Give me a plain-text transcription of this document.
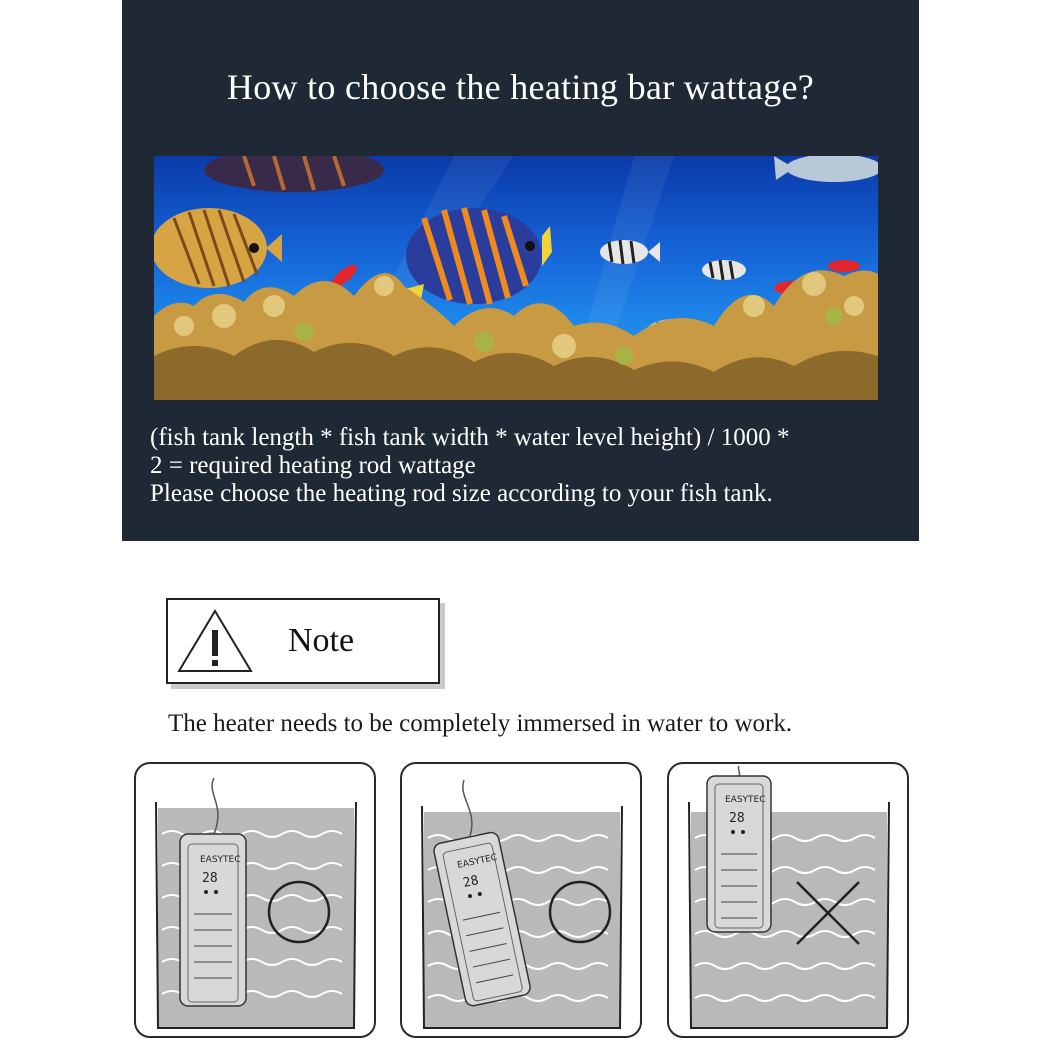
How to choose the heating bar wattage?
(fish tank length * fish tank width * water level height) / 1000 *
2 = required heating rod wattage
Please choose the heating rod size according to your fish tank.
Note
The heater needs to be completely immersed in water to work.
EASYTEC
28
EASYTEC
28
EASYTEC
28
